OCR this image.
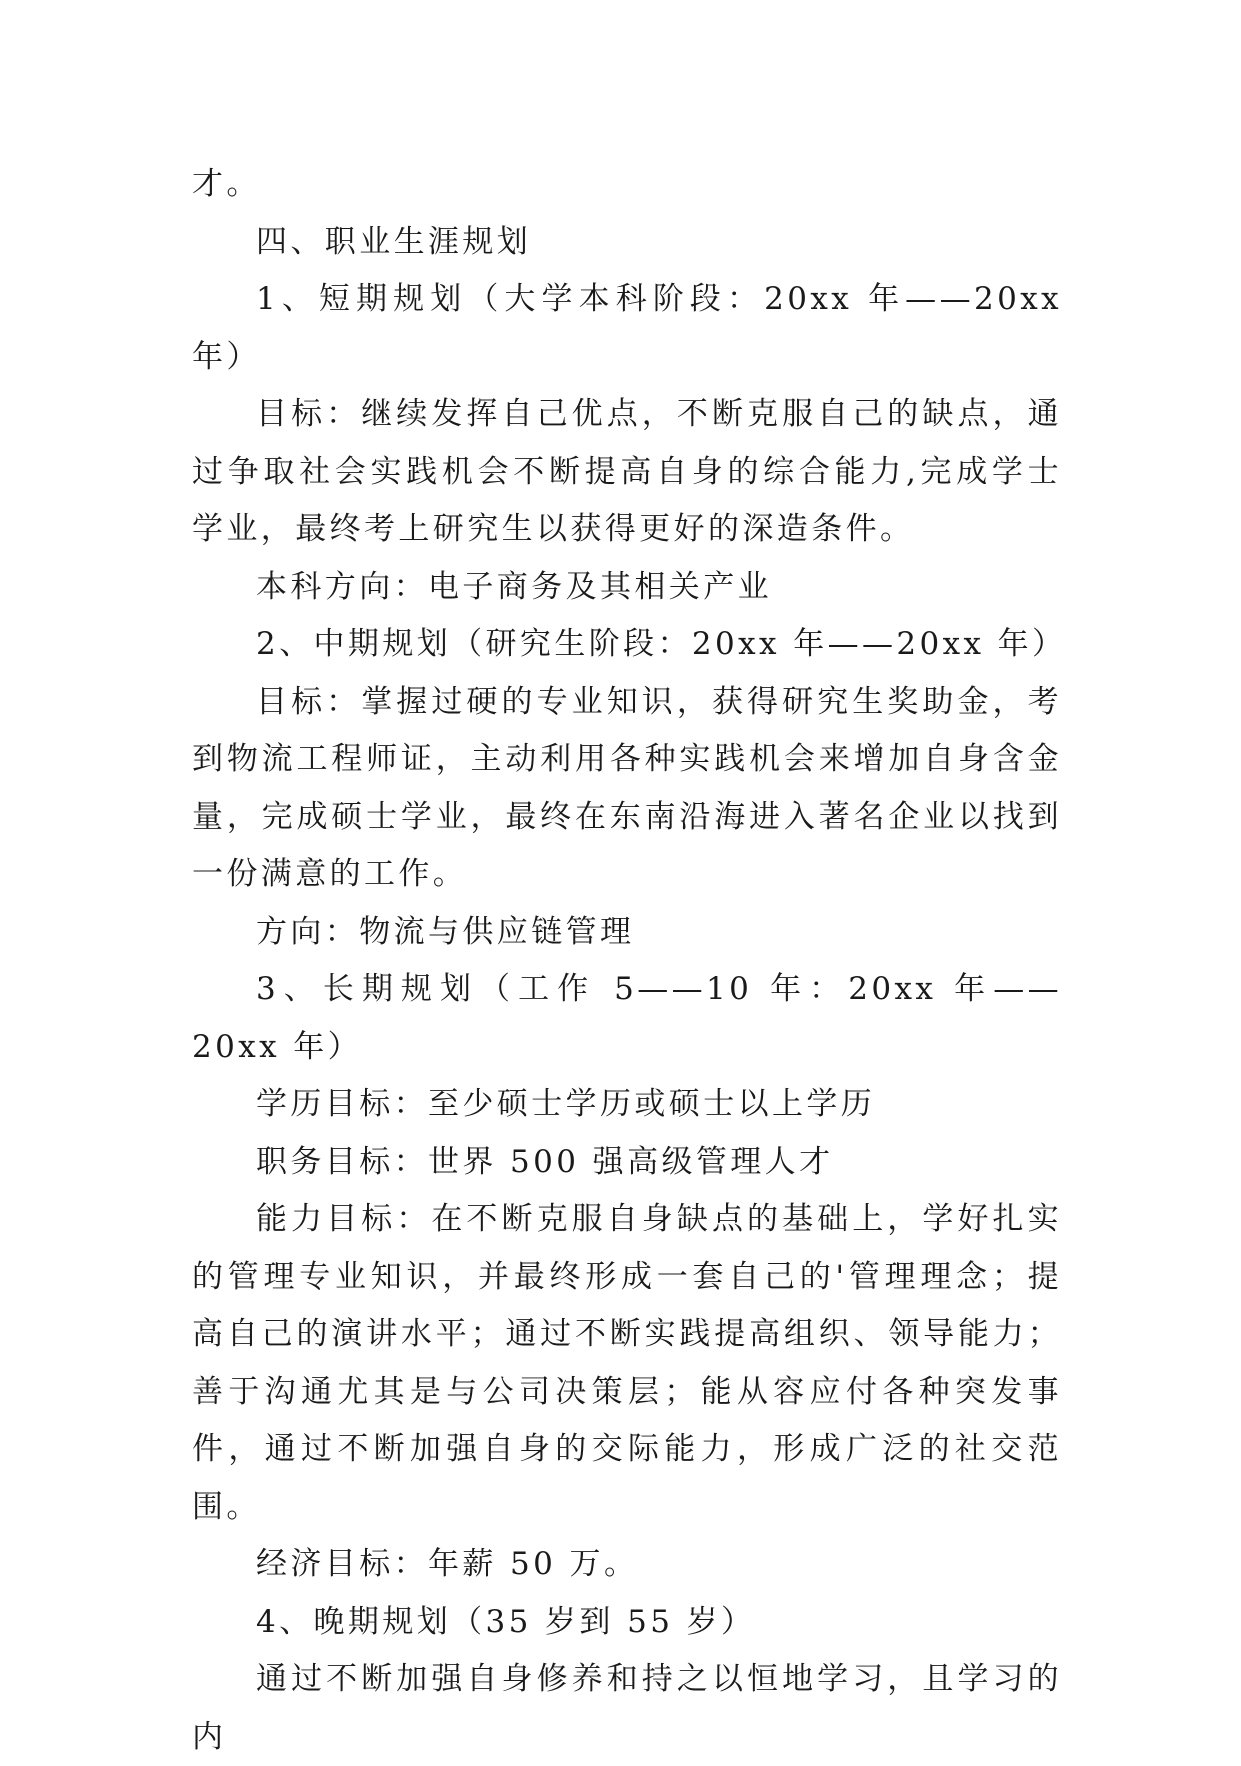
才。

四、职业生涯规划

1、短期规划（大学本科阶段：20xx 年——20xx 年）

目标：继续发挥自己优点，不断克服自己的缺点，通过争取社会实践机会不断提高自身的综合能力,完成学士学业，最终考上研究生以获得更好的深造条件。

本科方向：电子商务及其相关产业

2、中期规划（研究生阶段：20xx 年——20xx 年）

目标：掌握过硬的专业知识，获得研究生奖助金，考到物流工程师证，主动利用各种实践机会来增加自身含金量，完成硕士学业，最终在东南沿海进入著名企业以找到一份满意的工作。

方向：物流与供应链管理

3、长期规划（工作 5——10 年：20xx 年——20xx 年）

学历目标：至少硕士学历或硕士以上学历

职务目标：世界 500 强高级管理人才

能力目标：在不断克服自身缺点的基础上，学好扎实的管理专业知识，并最终形成一套自己的'管理理念；提高自己的演讲水平；通过不断实践提高组织、领导能力；善于沟通尤其是与公司决策层；能从容应付各种突发事件，通过不断加强自身的交际能力，形成广泛的社交范围。

经济目标：年薪 50 万。

4、晚期规划（35 岁到 55 岁）

通过不断加强自身修养和持之以恒地学习，且学习的内
